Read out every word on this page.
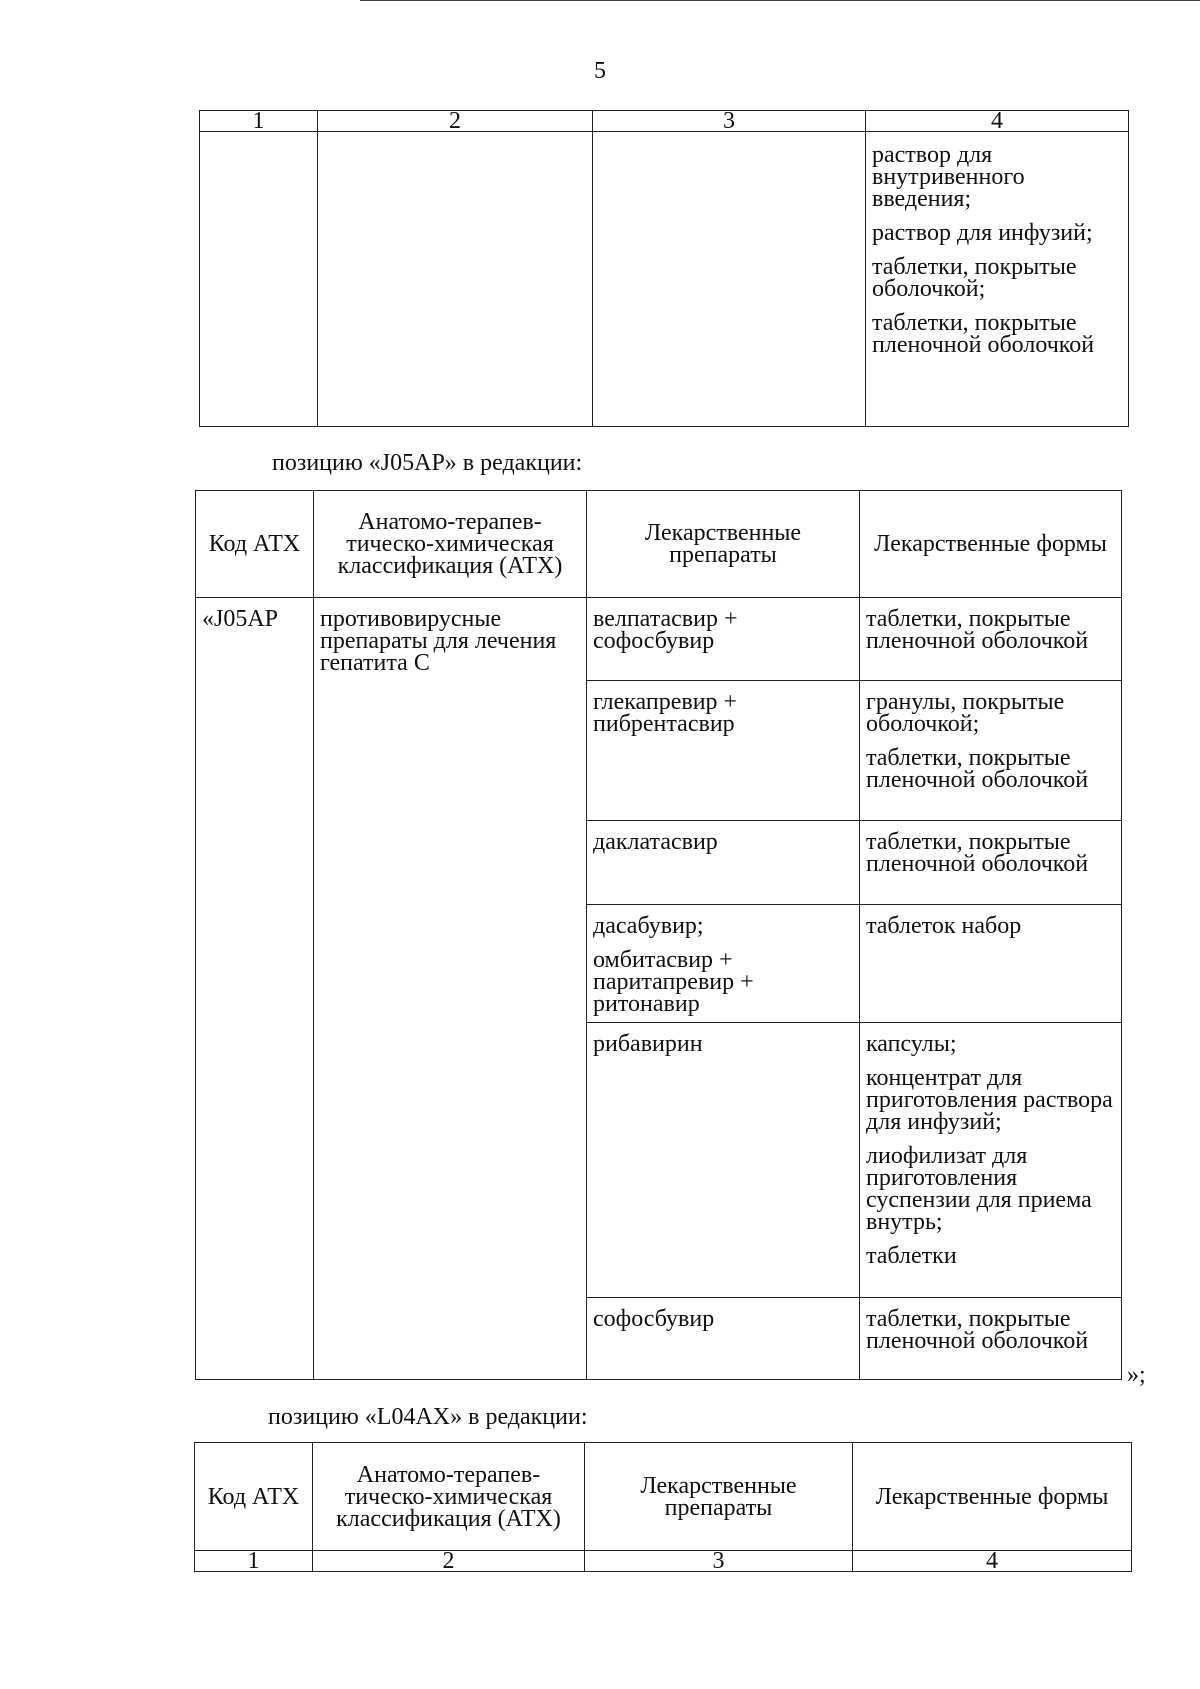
5
1	2	3	4

			раствор для внутривенного введения;

раствор для инфузий;

таблетки, покрытые оболочкой;

таблетки, покрытые пленочной оболочкой

позицию «J05AP» в редакции:
Код АТХ	Анатомо-терапев-тическо-химическая классификация (АТХ)	Лекарственные препараты	Лекарственные формы
«J05AP	противовирусные препараты для лечения гепатита С	велпатасвир + софосбувир	таблетки, покрытые пленочной оболочкой

		глекапревир + пибрентасвир	гранулы, покрытые оболочкой;

таблетки, покрытые пленочной оболочкой

		даклатасвир	таблетки, покрытые пленочной оболочкой

		дасабувир;

омбитасвир + паритапревир + ритонавир	таблеток набор

		рибавирин	капсулы;

концентрат для приготовления раствора для инфузий;

лиофилизат для приготовления суспензии для приема внутрь;

таблетки

		софосбувир	таблетки, покрытые пленочной оболочкой

»;
позицию «L04AX» в редакции:
Код АТХ	Анатомо-терапев-тическо-химическая классификация (АТХ)	Лекарственные препараты	Лекарственные формы
1	2	3	4
